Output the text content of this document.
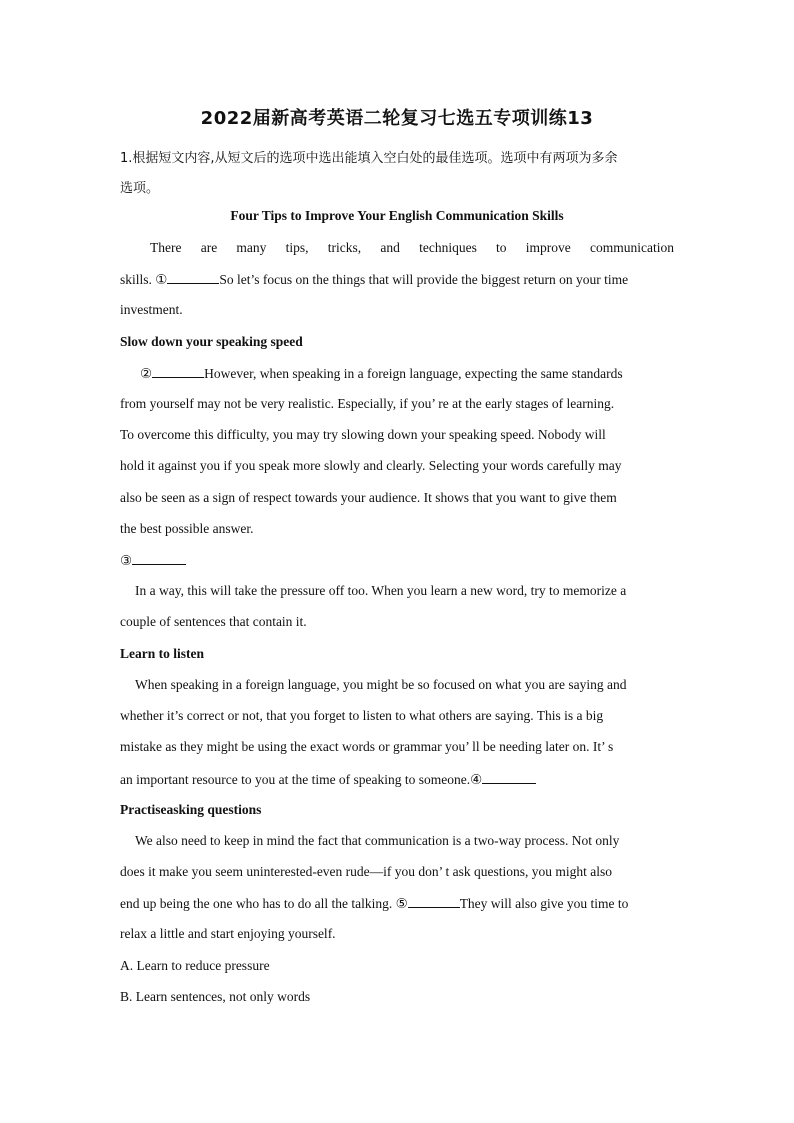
2022届新高考英语二轮复习七选五专项训练13
1.根据短文内容,从短文后的选项中选出能填入空白处的最佳选项。选项中有两项为多余
选项。
Four Tips to Improve Your English Communication Skills
There are many tips, tricks, and techniques to improve communication
skills. ①	So let’s focus on the things that will provide the biggest return on your time
investment.
Slow down your speaking speed
②	However, when speaking in a foreign language, expecting the same standards
from yourself may not be very realistic. Especially, if you’ re at the early stages of learning.
To overcome this difficulty, you may try slowing down your speaking speed. Nobody will
hold it against you if you speak more slowly and clearly. Selecting your words carefully may
also be seen as a sign of respect towards your audience. It shows that you want to give them
the best possible answer.
③
In a way, this will take the pressure off too. When you learn a new word, try to memorize a
couple of sentences that contain it.
Learn to listen
When speaking in a foreign language, you might be so focused on what you are saying and
whether it’s correct or not, that you forget to listen to what others are saying. This is a big
mistake as they might be using the exact words or grammar you’ ll be needing later on. It’ s
an important resource to you at the time of speaking to someone.④
Practiseasking questions
We also need to keep in mind the fact that communication is a two-way process. Not only
does it make you seem uninterested-even rude—if you don’ t ask questions, you might also
end up being the one who has to do all the talking. ⑤	They will also give you time to
relax a little and start enjoying yourself.
A. Learn to reduce pressure
B. Learn sentences, not only words
